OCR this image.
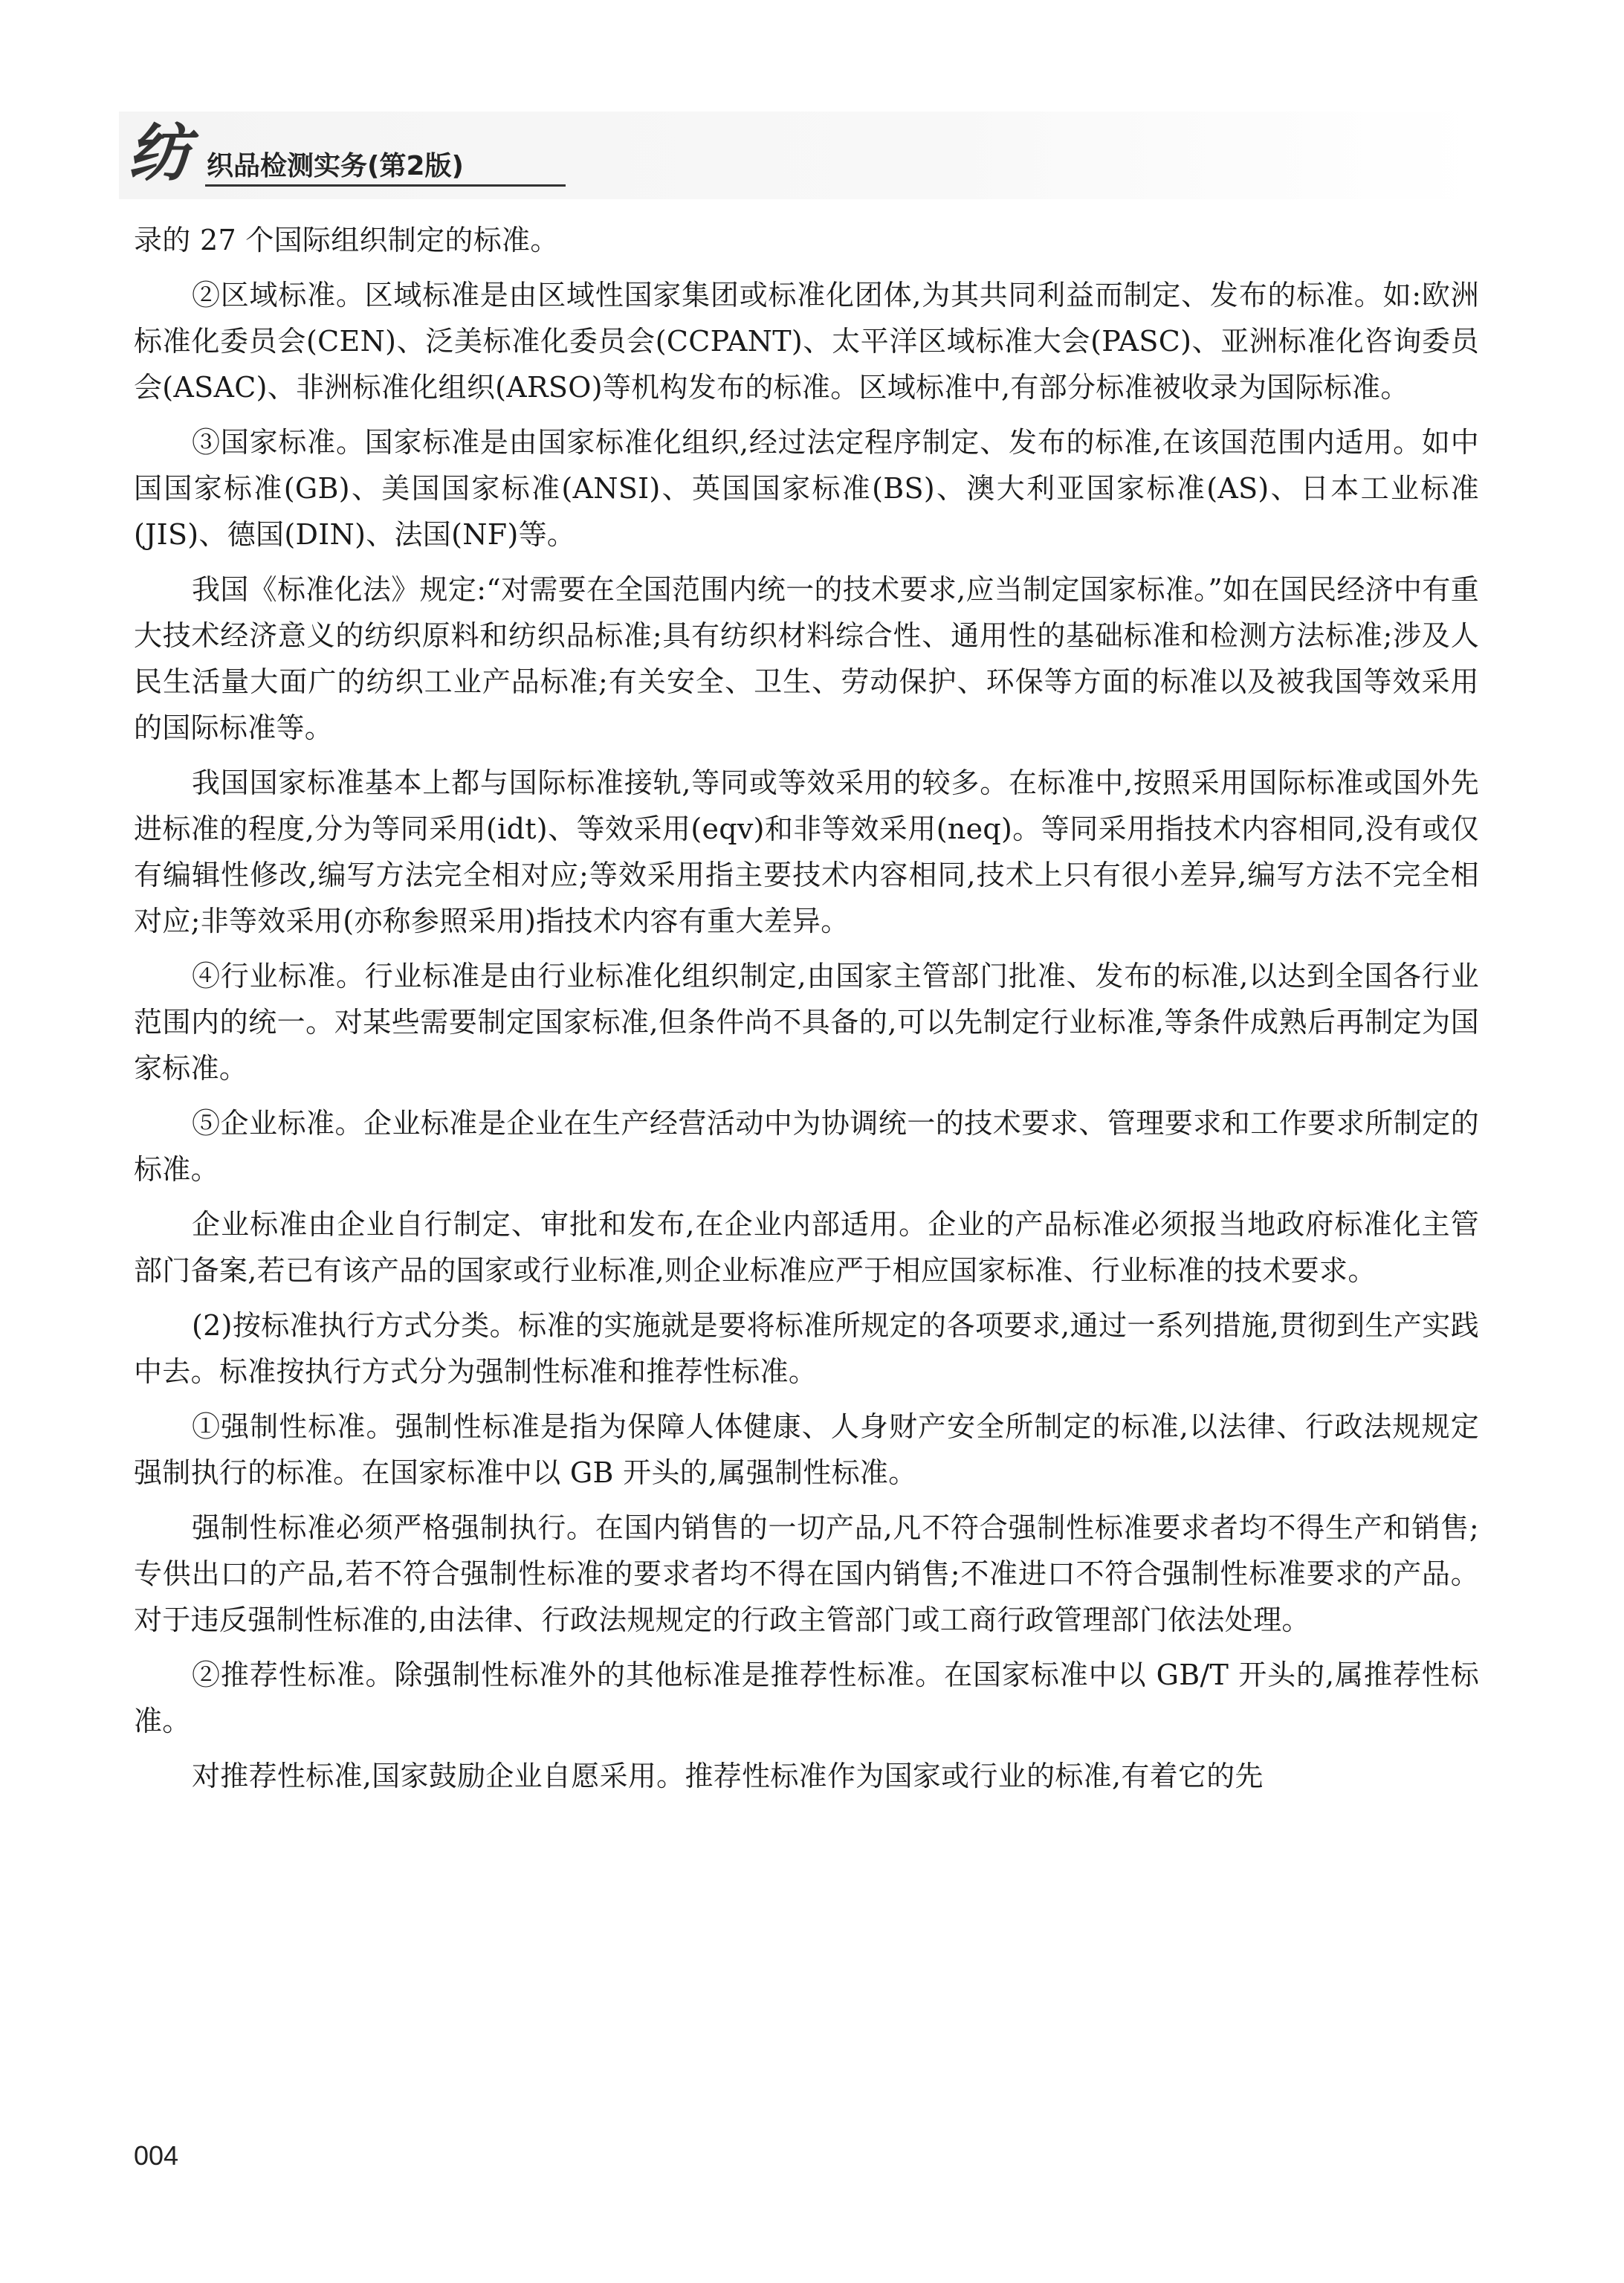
纺 织品检测实务(第2版)

录的 27 个国际组织制定的标准。

②区域标准。区域标准是由区域性国家集团或标准化团体,为其共同利益而制定、发布的标准。如:欧洲标准化委员会(CEN)、泛美标准化委员会(CCPANT)、太平洋区域标准大会(PASC)、亚洲标准化咨询委员会(ASAC)、非洲标准化组织(ARSO)等机构发布的标准。区域标准中,有部分标准被收录为国际标准。

③国家标准。国家标准是由国家标准化组织,经过法定程序制定、发布的标准,在该国范围内适用。如中国国家标准(GB)、美国国家标准(ANSI)、英国国家标准(BS)、澳大利亚国家标准(AS)、日本工业标准(JIS)、德国(DIN)、法国(NF)等。

我国《标准化法》规定:“对需要在全国范围内统一的技术要求,应当制定国家标准。”如在国民经济中有重大技术经济意义的纺织原料和纺织品标准;具有纺织材料综合性、通用性的基础标准和检测方法标准;涉及人民生活量大面广的纺织工业产品标准;有关安全、卫生、劳动保护、环保等方面的标准以及被我国等效采用的国际标准等。

我国国家标准基本上都与国际标准接轨,等同或等效采用的较多。在标准中,按照采用国际标准或国外先进标准的程度,分为等同采用(idt)、等效采用(eqv)和非等效采用(neq)。等同采用指技术内容相同,没有或仅有编辑性修改,编写方法完全相对应;等效采用指主要技术内容相同,技术上只有很小差异,编写方法不完全相对应;非等效采用(亦称参照采用)指技术内容有重大差异。

④行业标准。行业标准是由行业标准化组织制定,由国家主管部门批准、发布的标准,以达到全国各行业范围内的统一。对某些需要制定国家标准,但条件尚不具备的,可以先制定行业标准,等条件成熟后再制定为国家标准。

⑤企业标准。企业标准是企业在生产经营活动中为协调统一的技术要求、管理要求和工作要求所制定的标准。

企业标准由企业自行制定、审批和发布,在企业内部适用。企业的产品标准必须报当地政府标准化主管部门备案,若已有该产品的国家或行业标准,则企业标准应严于相应国家标准、行业标准的技术要求。

(2)按标准执行方式分类。标准的实施就是要将标准所规定的各项要求,通过一系列措施,贯彻到生产实践中去。标准按执行方式分为强制性标准和推荐性标准。

①强制性标准。强制性标准是指为保障人体健康、人身财产安全所制定的标准,以法律、行政法规规定强制执行的标准。在国家标准中以 GB 开头的,属强制性标准。

强制性标准必须严格强制执行。在国内销售的一切产品,凡不符合强制性标准要求者均不得生产和销售;专供出口的产品,若不符合强制性标准的要求者均不得在国内销售;不准进口不符合强制性标准要求的产品。对于违反强制性标准的,由法律、行政法规规定的行政主管部门或工商行政管理部门依法处理。

②推荐性标准。除强制性标准外的其他标准是推荐性标准。在国家标准中以 GB/T 开头的,属推荐性标准。

对推荐性标准,国家鼓励企业自愿采用。推荐性标准作为国家或行业的标准,有着它的先

004
